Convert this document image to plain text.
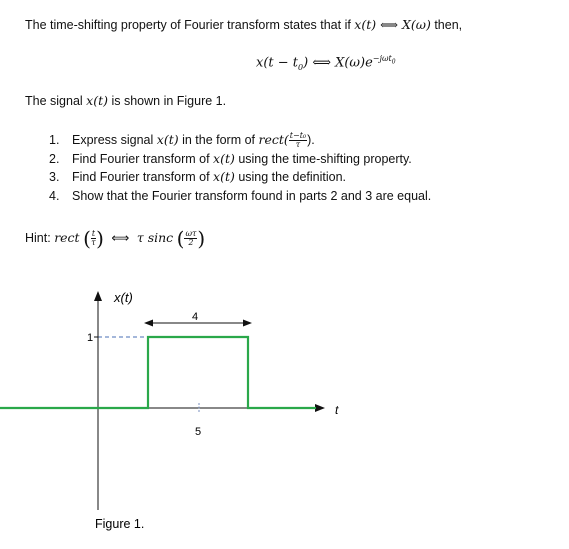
The time-shifting property of Fourier transform states that if x(t) ⟺ X(ω) then,
$x(t - t_0)$ ⟺ $X(\omega)e^{-j\omega t_0}$
The signal x(t) is shown in Figure 1.
1. Express signal x(t) in the form of rect( $\frac{\text{t−t₀}}{\tau}$ ).
2. Find Fourier transform of x(t) using the time-shifting property.
3. Find Fourier transform of x(t) using the definition.
4. Show that the Fourier transform found in parts 2 and 3 are equal.
Hint: rect ( $\frac{t}{\tau}$ ) ⟺ τ sinc ( $\frac{\omega\tau}{2}$ )
x(t)
t
1
4
5
Figure 1.
